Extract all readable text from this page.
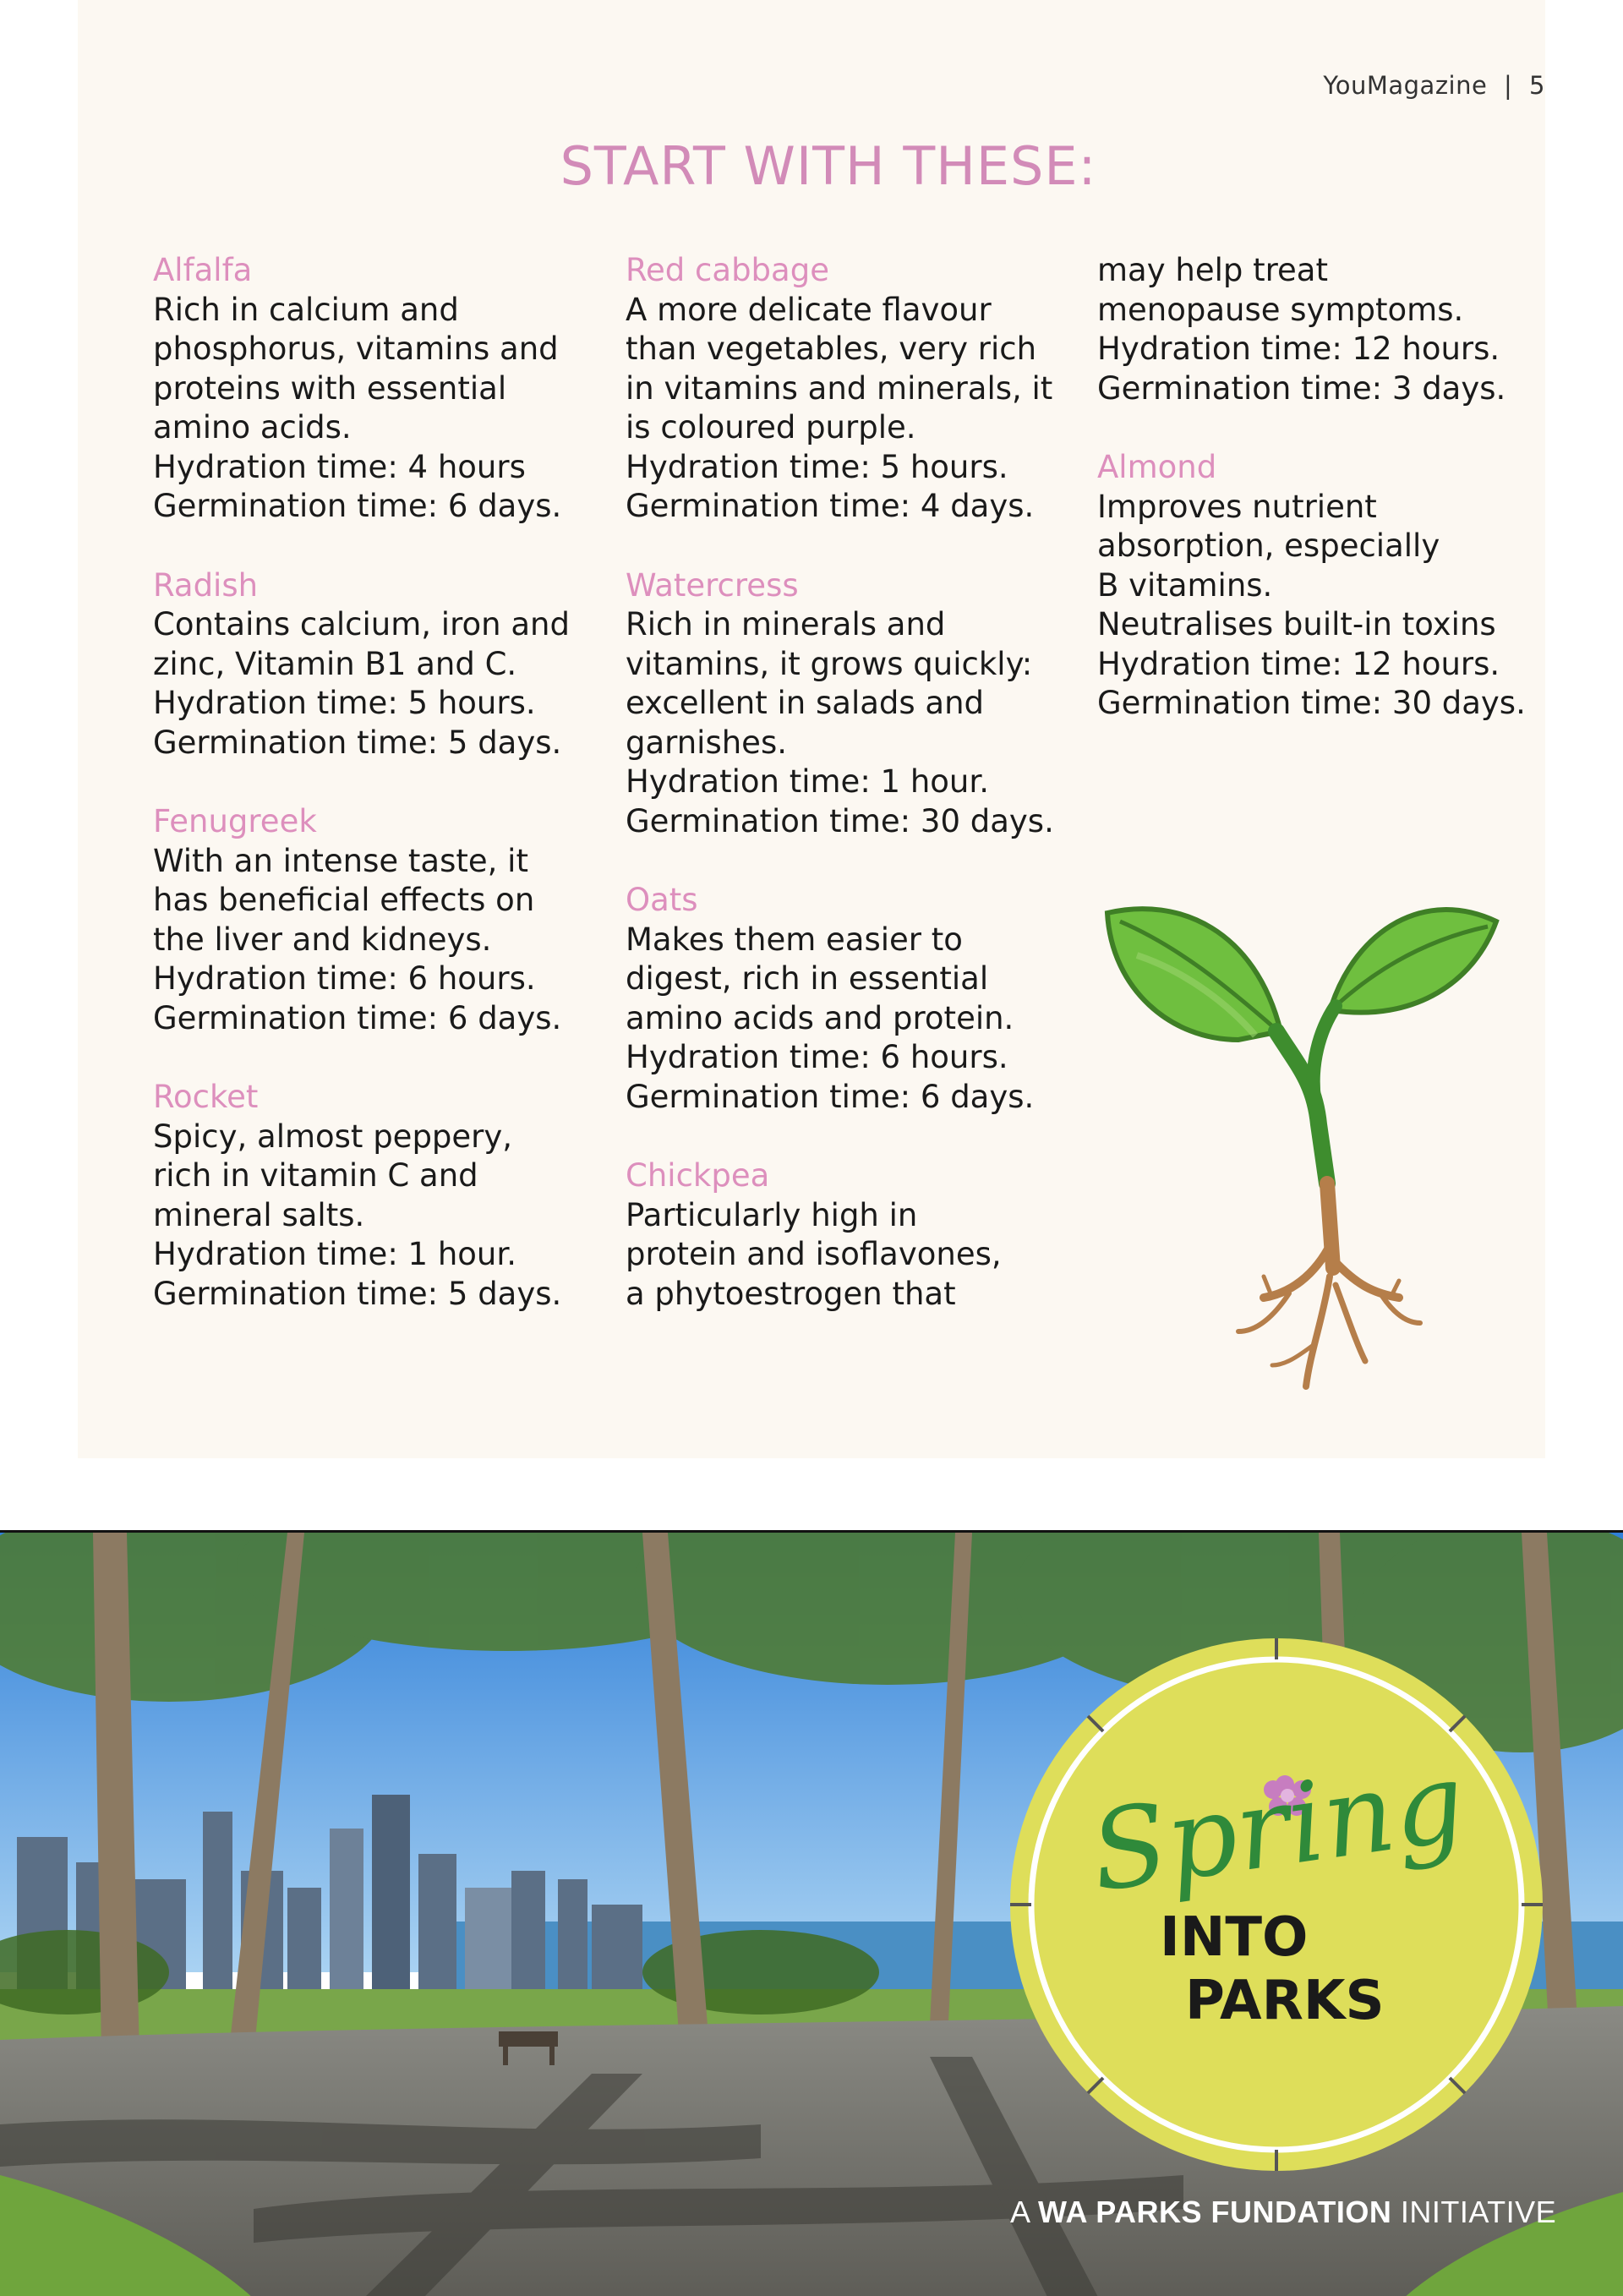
YouMagazine | 5
START WITH THESE:
Alfalfa
Rich in calcium and
phosphorus, vitamins and
proteins with essential
amino acids.
Hydration time: 4 hours
Germination time: 6 days.
Radish
Contains calcium, iron and
zinc, Vitamin B1 and C.
Hydration time: 5 hours.
Germination time: 5 days.
Fenugreek
With an intense taste, it
has beneficial effects on
the liver and kidneys.
Hydration time: 6 hours.
Germination time: 6 days.
Rocket
Spicy, almost peppery,
rich in vitamin C and
mineral salts.
Hydration time: 1 hour.
Germination time: 5 days.
Red cabbage
A more delicate flavour
than vegetables, very rich
in vitamins and minerals, it
is coloured purple.
Hydration time: 5 hours.
Germination time: 4 days.
Watercress
Rich in minerals and
vitamins, it grows quickly:
excellent in salads and
garnishes.
Hydration time: 1 hour.
Germination time: 30 days.
Oats
Makes them easier to
digest, rich in essential
amino acids and protein.
Hydration time: 6 hours.
Germination time: 6 days.
Chickpea
Particularly high in
protein and isoflavones,
a phytoestrogen that
may help treat
menopause symptoms.
Hydration time: 12 hours.
Germination time: 3 days.
Almond
Improves nutrient
absorption, especially
B vitamins.
Neutralises built-in toxins
Hydration time: 12 hours.
Germination time: 30 days.
Spring
INTO
PARKS
A WA PARKS FUNDATION INITIATIVE
